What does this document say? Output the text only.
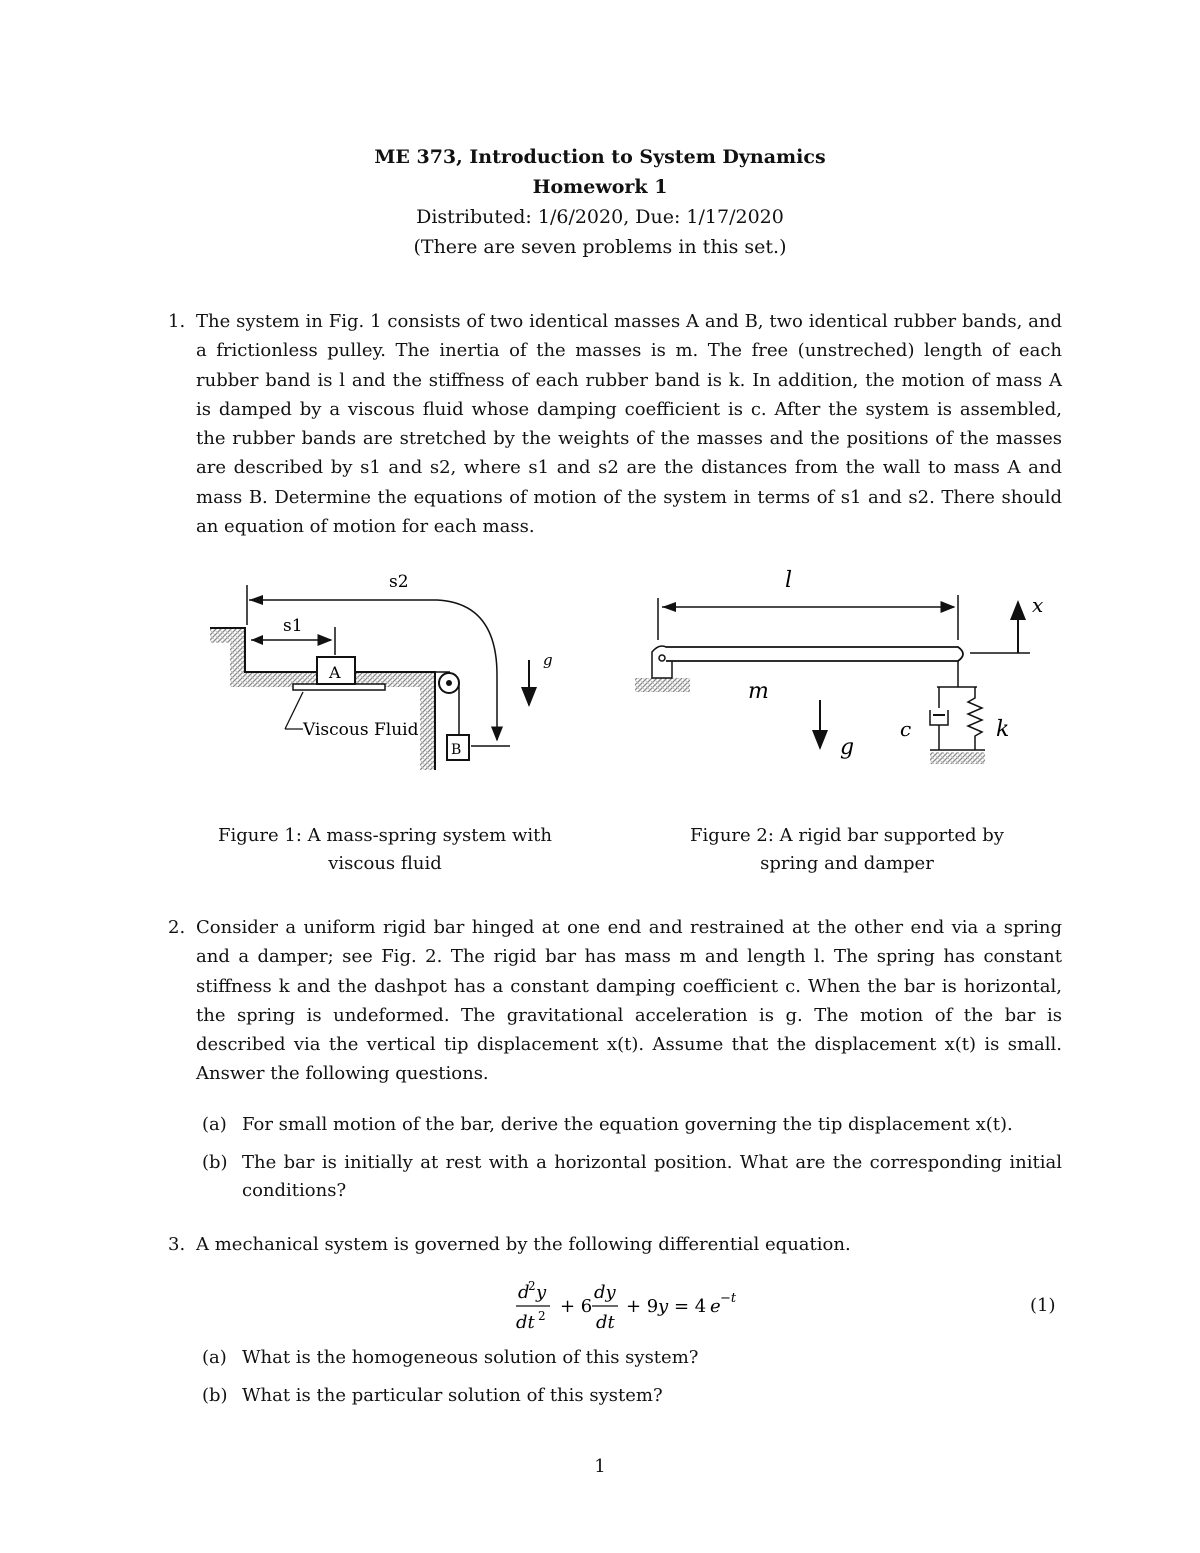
ME 373, Introduction to System Dynamics
Homework 1
Distributed: 1/6/2020, Due: 1/17/2020
(There are seven problems in this set.)
1. The system in Fig. 1 consists of two identical masses A and B, two identical rubber bands, and a frictionless pulley. The inertia of the masses is m. The free (unstreched) length of each rubber band is l and the stiffness of each rubber band is k. In addition, the motion of mass A is damped by a viscous fluid whose damping coefficient is c. After the system is assembled, the rubber bands are stretched by the weights of the masses and the positions of the masses are described by s1 and s2, where s1 and s2 are the distances from the wall to mass A and mass B. Determine the equations of motion of the system in terms of s1 and s2. There should an equation of motion for each mass.
s2
s1
A
B
Viscous Fluid
g
Figure 1: A mass-spring system with
viscous fluid
l
x
m
g
c	k
Figure 2: A rigid bar supported by
spring and damper
2. Consider a uniform rigid bar hinged at one end and restrained at the other end via a spring and a damper; see Fig. 2. The rigid bar has mass m and length l. The spring has constant stiffness k and the dashpot has a constant damping coefficient c. When the bar is horizontal, the spring is undeformed. The gravitational acceleration is g. The motion of the bar is described via the vertical tip displacement x(t). Assume that the displacement x(t) is small. Answer the following questions.
(a) For small motion of the bar, derive the equation governing the tip displacement x(t).
(b) The bar is initially at rest with a horizontal position. What are the corresponding initial conditions?
3. A mechanical system is governed by the following differential equation.
d
2 y
dt 2 + 6
dy
dt
+ 9 y = 4 e −t	(1)
(a) What is the homogeneous solution of this system?
(b) What is the particular solution of this system?
1
